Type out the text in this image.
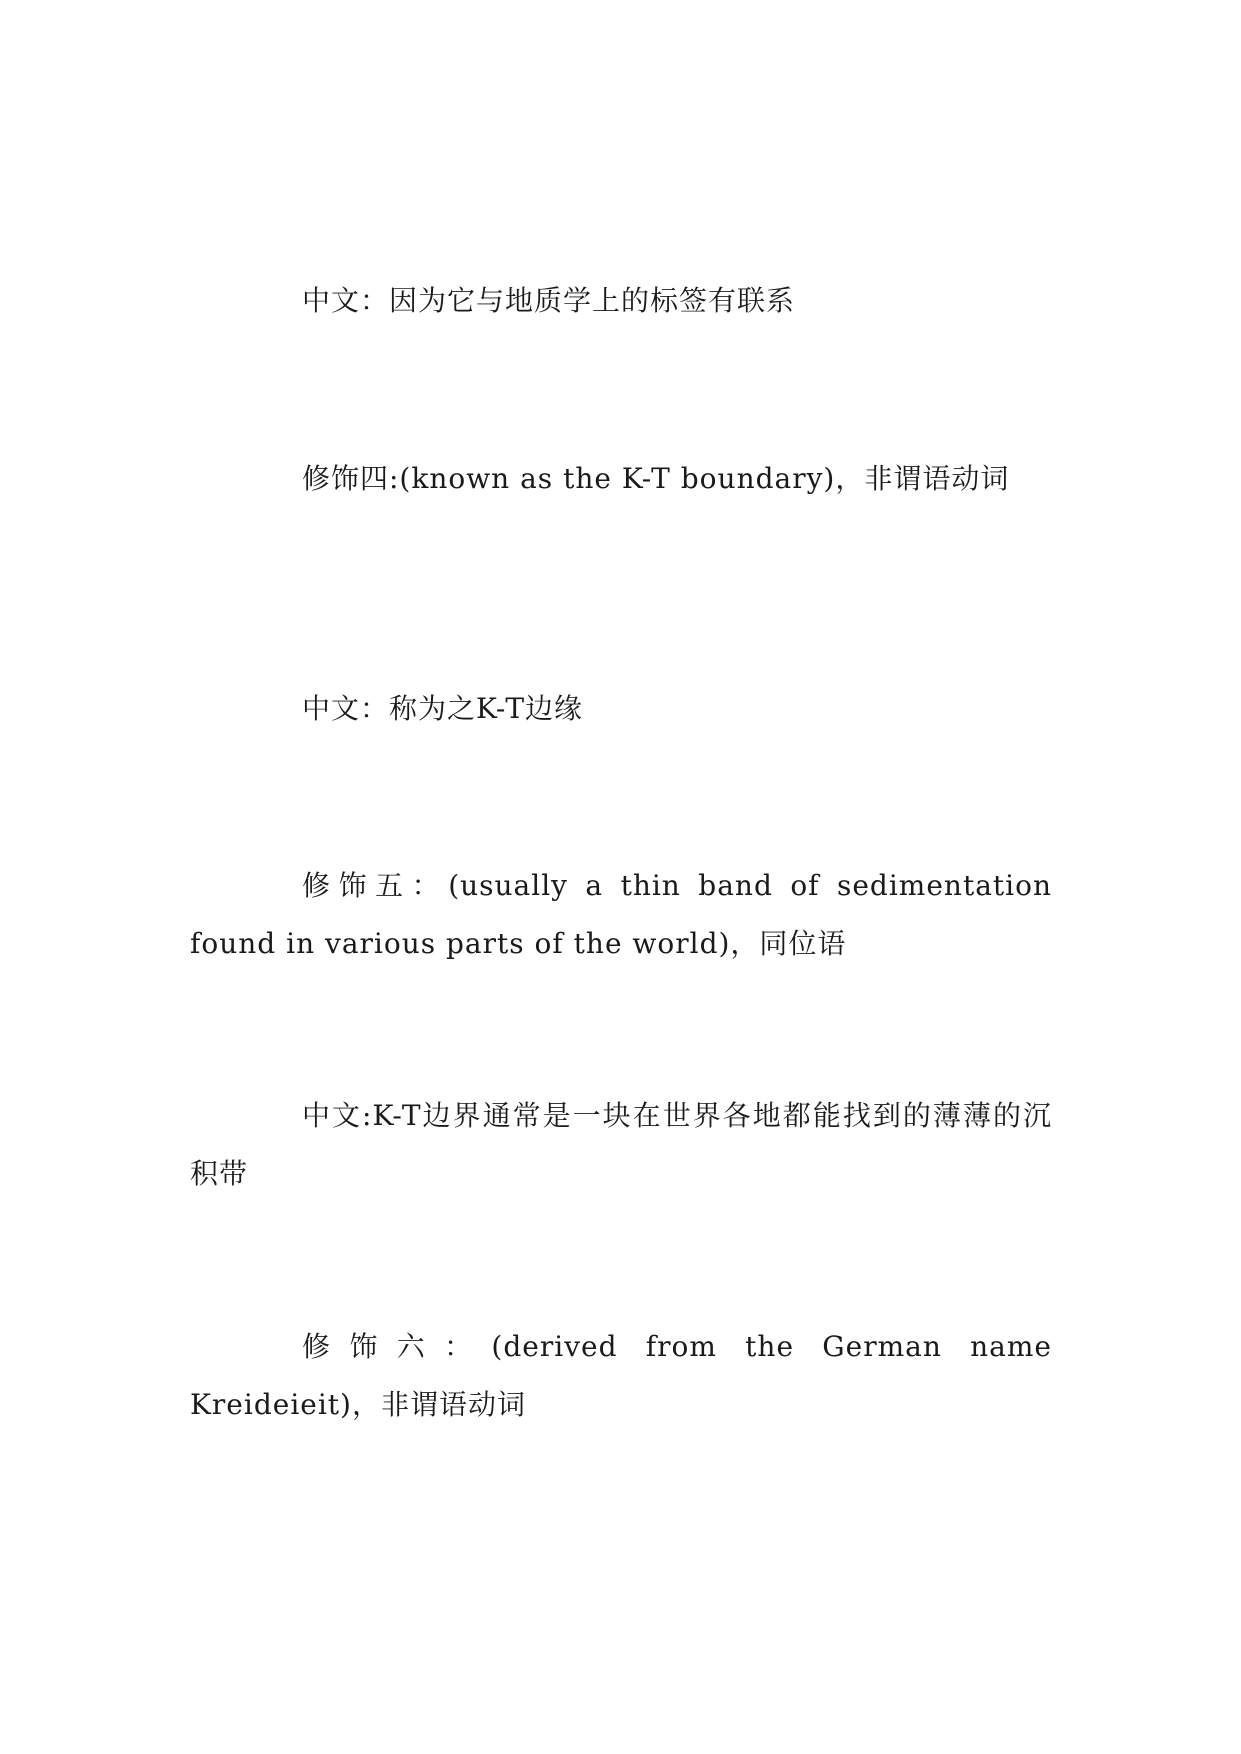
中文：因为它与地质学上的标签有联系

修饰四:(known as the K-T boundary)，非谓语动词

中文：称为之K-T边缘

修饰五：(usually a thin band of sedimentation found in various parts of the world)，同位语

中文:K-T边界通常是一块在世界各地都能找到的薄薄的沉积带

修饰六：(derived from the German name Kreideieit)，非谓语动词
